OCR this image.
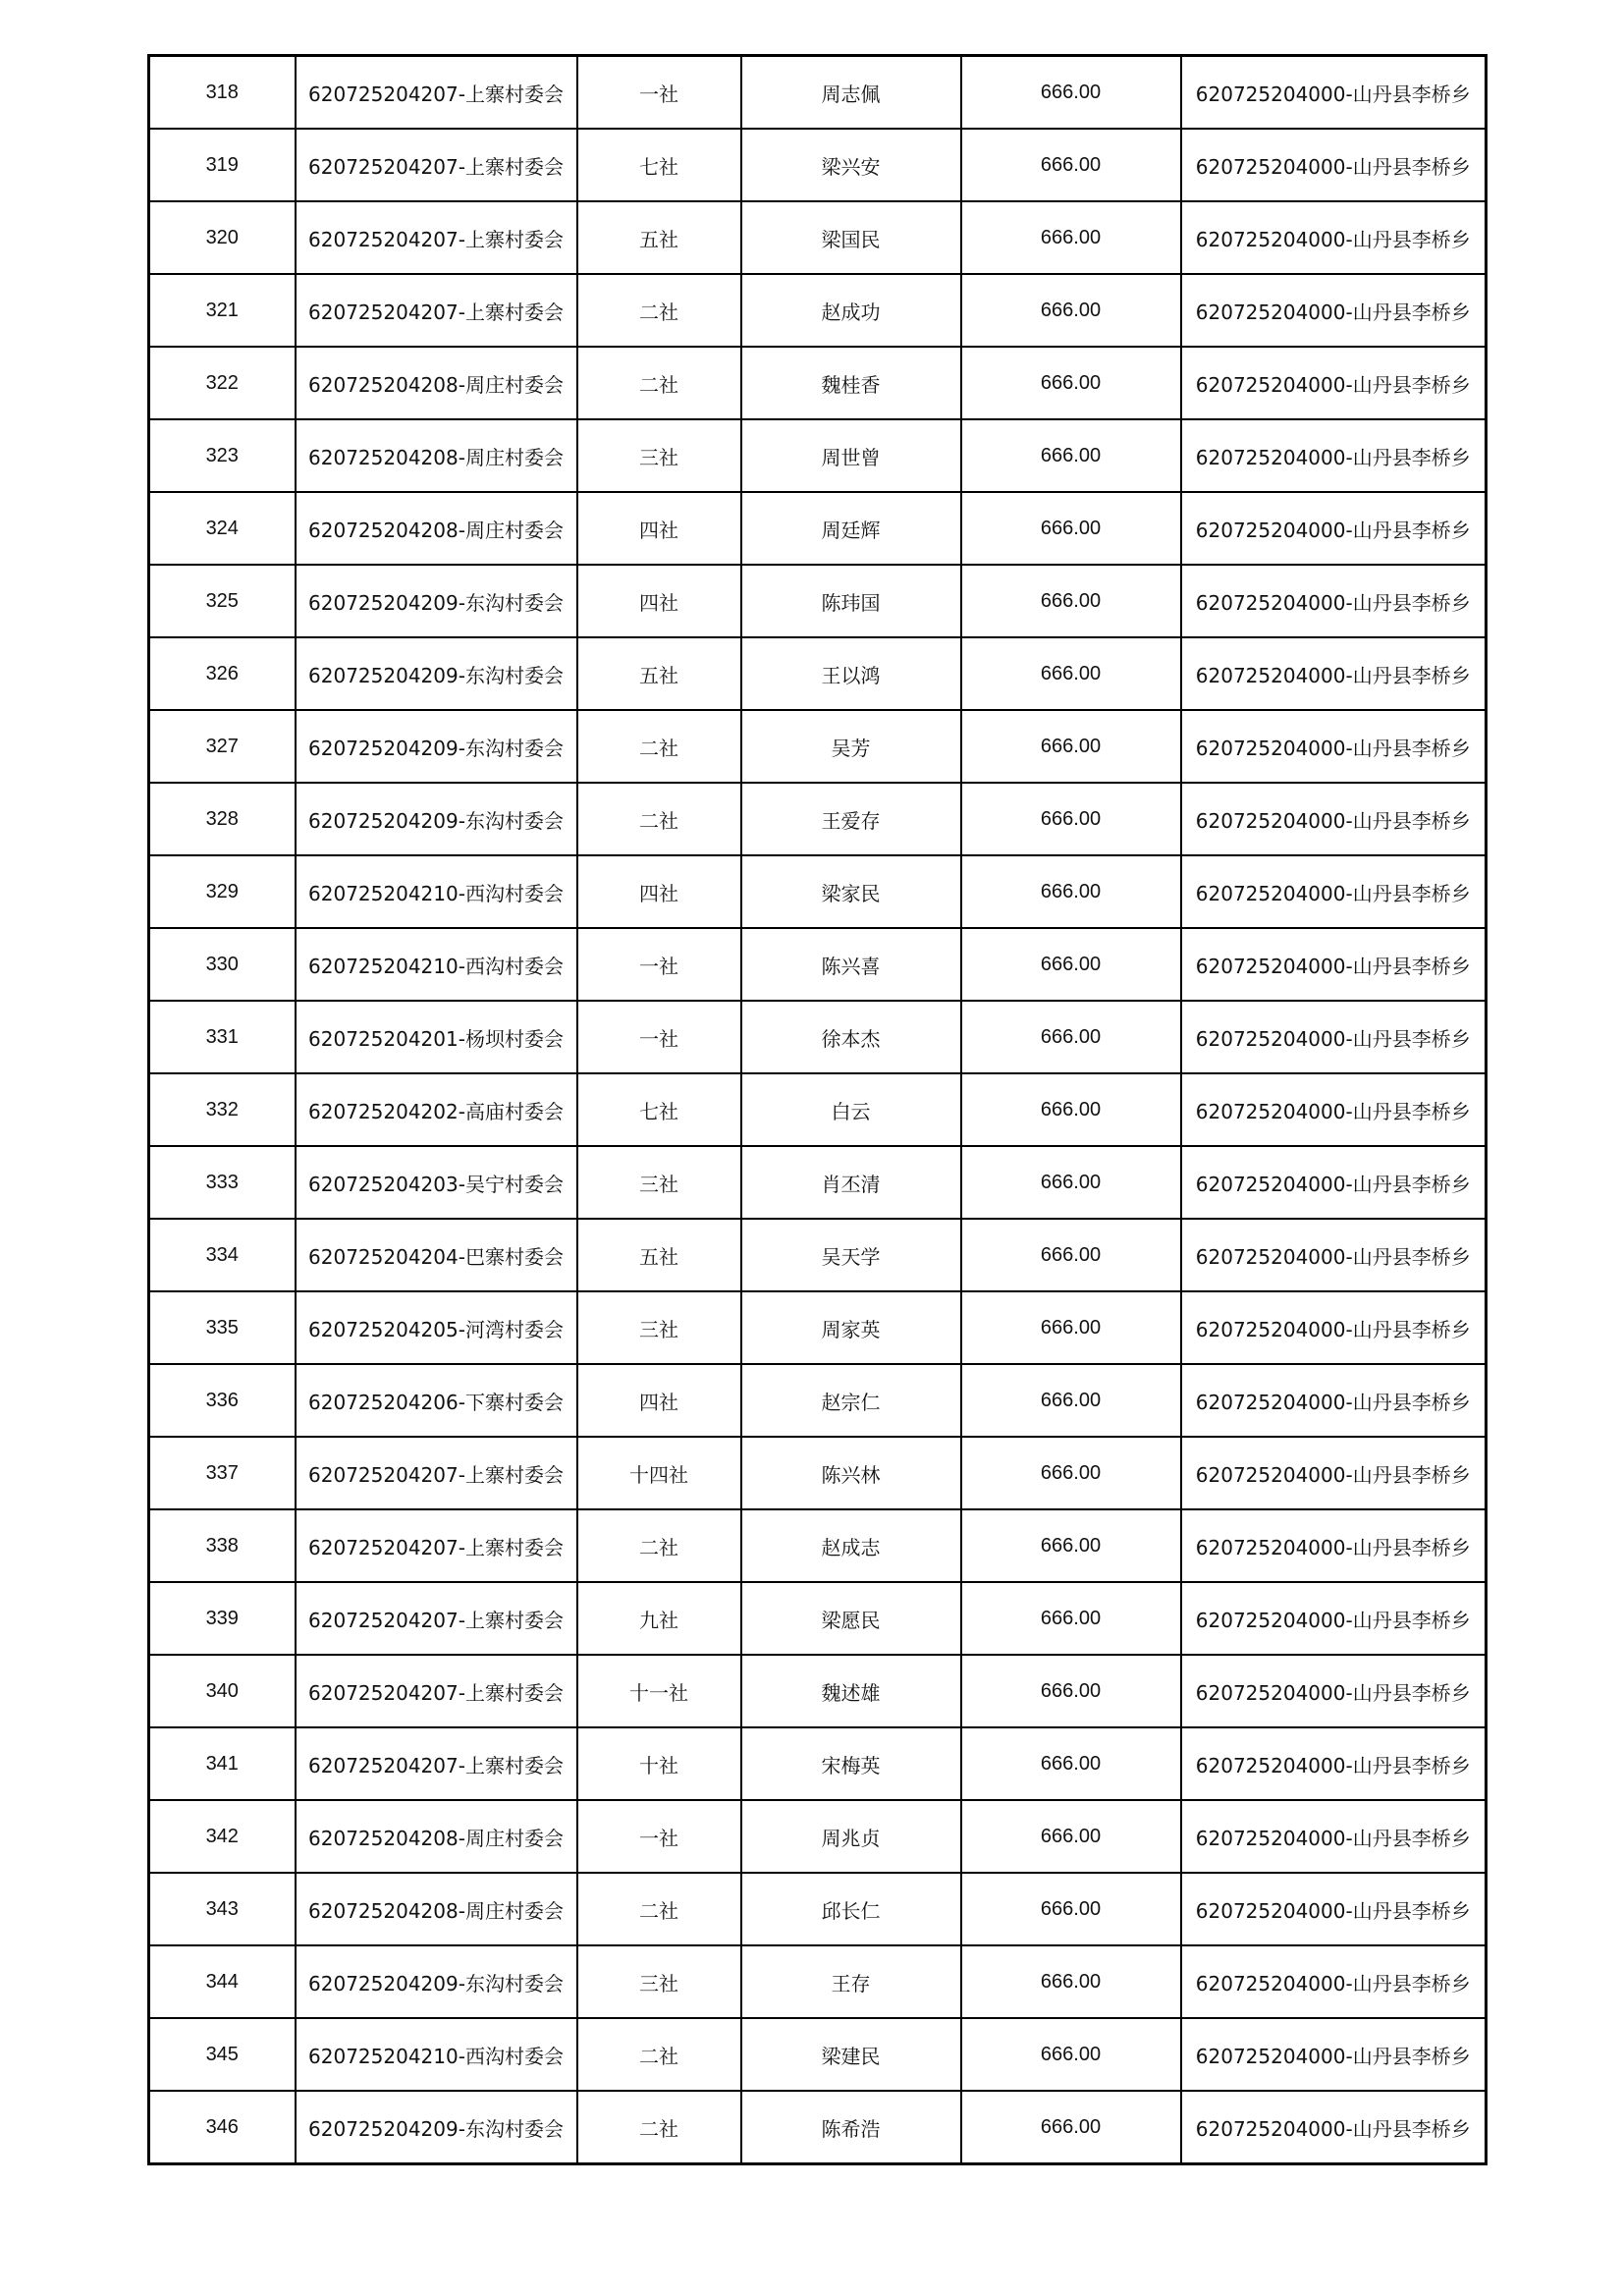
318	620725204207-上寨村委会	一社	周志佩	666.00	620725204000-山丹县李桥乡
319	620725204207-上寨村委会	七社	梁兴安	666.00	620725204000-山丹县李桥乡
320	620725204207-上寨村委会	五社	梁国民	666.00	620725204000-山丹县李桥乡
321	620725204207-上寨村委会	二社	赵成功	666.00	620725204000-山丹县李桥乡
322	620725204208-周庄村委会	二社	魏桂香	666.00	620725204000-山丹县李桥乡
323	620725204208-周庄村委会	三社	周世曾	666.00	620725204000-山丹县李桥乡
324	620725204208-周庄村委会	四社	周廷辉	666.00	620725204000-山丹县李桥乡
325	620725204209-东沟村委会	四社	陈玮国	666.00	620725204000-山丹县李桥乡
326	620725204209-东沟村委会	五社	王以鸿	666.00	620725204000-山丹县李桥乡
327	620725204209-东沟村委会	二社	吴芳	666.00	620725204000-山丹县李桥乡
328	620725204209-东沟村委会	二社	王爱存	666.00	620725204000-山丹县李桥乡
329	620725204210-西沟村委会	四社	梁家民	666.00	620725204000-山丹县李桥乡
330	620725204210-西沟村委会	一社	陈兴喜	666.00	620725204000-山丹县李桥乡
331	620725204201-杨坝村委会	一社	徐本杰	666.00	620725204000-山丹县李桥乡
332	620725204202-高庙村委会	七社	白云	666.00	620725204000-山丹县李桥乡
333	620725204203-吴宁村委会	三社	肖丕清	666.00	620725204000-山丹县李桥乡
334	620725204204-巴寨村委会	五社	吴天学	666.00	620725204000-山丹县李桥乡
335	620725204205-河湾村委会	三社	周家英	666.00	620725204000-山丹县李桥乡
336	620725204206-下寨村委会	四社	赵宗仁	666.00	620725204000-山丹县李桥乡
337	620725204207-上寨村委会	十四社	陈兴林	666.00	620725204000-山丹县李桥乡
338	620725204207-上寨村委会	二社	赵成志	666.00	620725204000-山丹县李桥乡
339	620725204207-上寨村委会	九社	梁愿民	666.00	620725204000-山丹县李桥乡
340	620725204207-上寨村委会	十一社	魏述雄	666.00	620725204000-山丹县李桥乡
341	620725204207-上寨村委会	十社	宋梅英	666.00	620725204000-山丹县李桥乡
342	620725204208-周庄村委会	一社	周兆贞	666.00	620725204000-山丹县李桥乡
343	620725204208-周庄村委会	二社	邱长仁	666.00	620725204000-山丹县李桥乡
344	620725204209-东沟村委会	三社	王存	666.00	620725204000-山丹县李桥乡
345	620725204210-西沟村委会	二社	梁建民	666.00	620725204000-山丹县李桥乡
346	620725204209-东沟村委会	二社	陈希浩	666.00	620725204000-山丹县李桥乡
